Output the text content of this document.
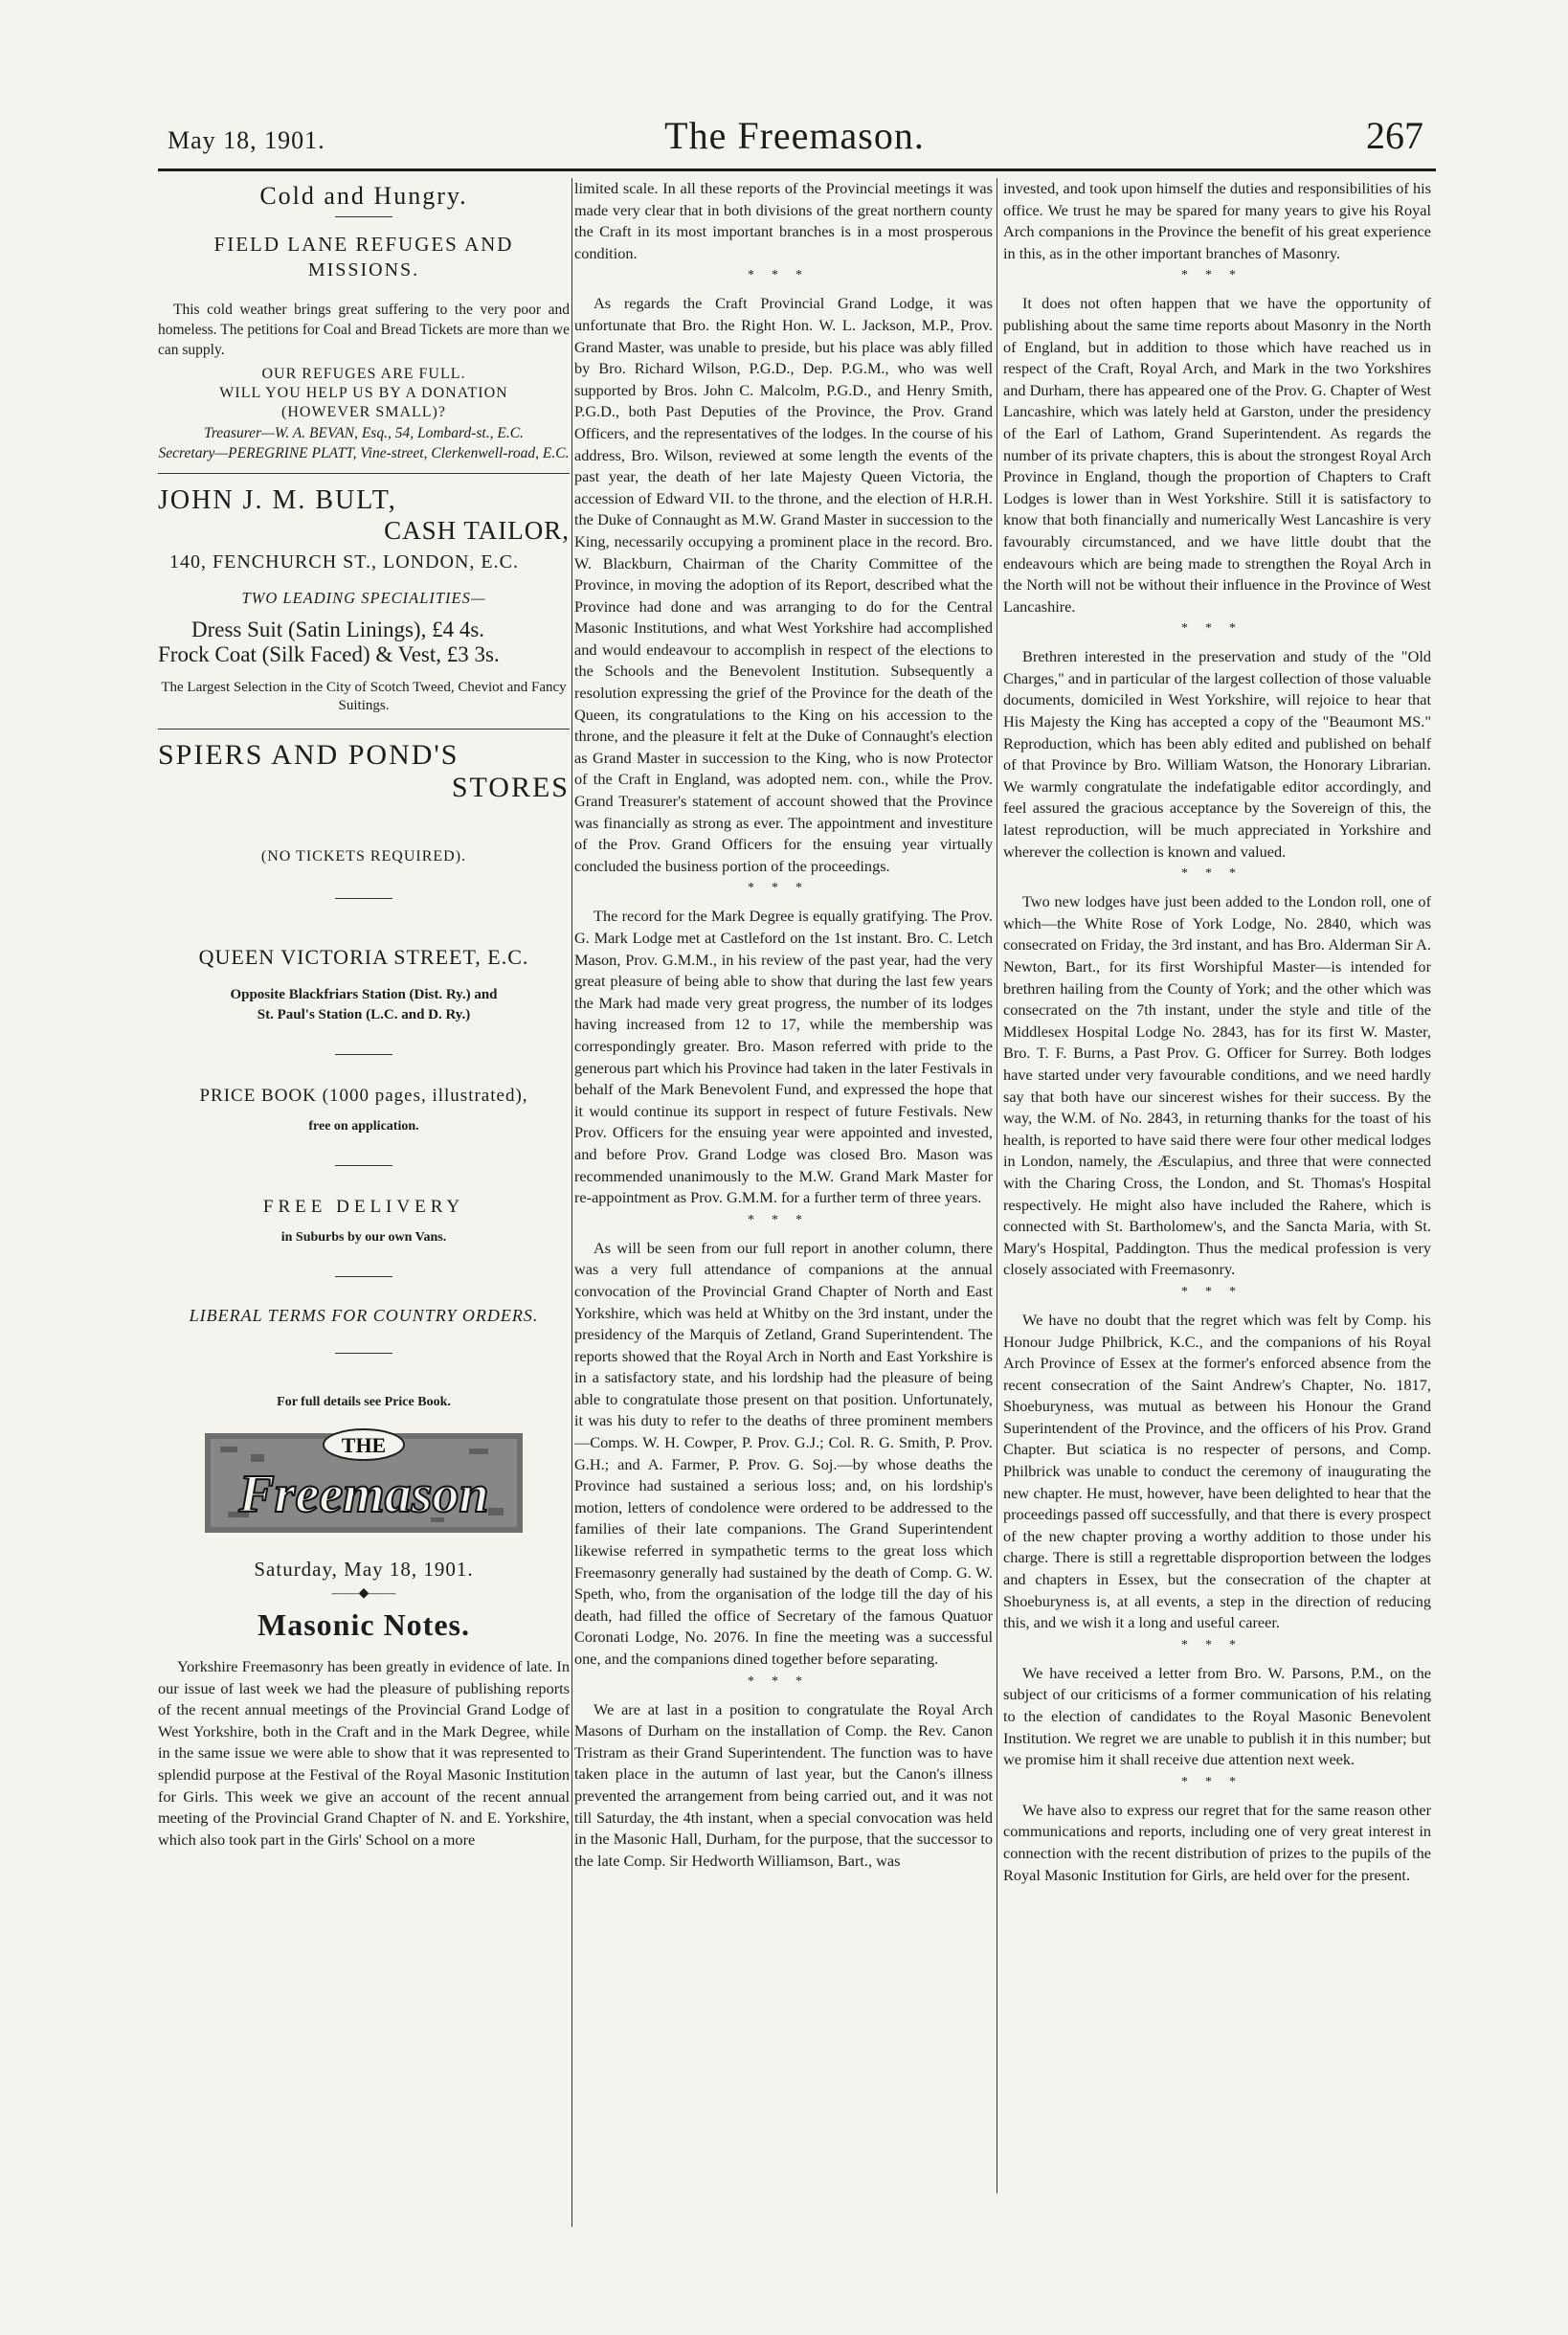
May 18, 1901.	The Freemason.	267
Cold and Hungry.
FIELD LANE REFUGES AND
MISSIONS.

This cold weather brings great suffering to the very poor and homeless. The petitions for Coal and Bread Tickets are more than we can supply.

OUR REFUGES ARE FULL.

WILL YOU HELP US BY A DONATION

(HOWEVER SMALL)?

Treasurer—W. A. BEVAN, Esq., 54, Lombard-st., E.C.

Secretary—PEREGRINE PLATT, Vine-street, Clerkenwell-road, E.C.

JOHN J. M. BULT,
CASH TAILOR,
140, FENCHURCH ST., LONDON, E.C.
TWO LEADING SPECIALITIES—
Dress Suit (Satin Linings), £4 4s.
Frock Coat (Silk Faced) & Vest, £3 3s.
The Largest Selection in the City of Scotch Tweed, Cheviot and Fancy Suitings.
SPIERS AND POND'S
STORES

(NO TICKETS REQUIRED).

QUEEN VICTORIA STREET, E.C.

Opposite Blackfriars Station (Dist. Ry.) and

St. Paul's Station (L.C. and D. Ry.)

PRICE BOOK (1000 pages, illustrated),

free on application.

FREE DELIVERY

in Suburbs by our own Vans.

LIBERAL TERMS FOR COUNTRY ORDERS.

For full details see Price Book.

THE
Freemason
Saturday, May 18, 1901.
——◆——
Masonic Notes.

Yorkshire Freemasonry has been greatly in evidence of late. In our issue of last week we had the pleasure of publishing reports of the recent annual meetings of the Provincial Grand Lodge of West Yorkshire, both in the Craft and in the Mark Degree, while in the same issue we were able to show that it was represented to splendid purpose at the Festival of the Royal Masonic Institution for Girls. This week we give an account of the recent annual meeting of the Provincial Grand Chapter of N. and E. Yorkshire, which also took part in the Girls' School on a more

limited scale. In all these reports of the Provincial meetings it was made very clear that in both divisions of the great northern county the Craft in its most important branches is in a most prosperous condition.

***

As regards the Craft Provincial Grand Lodge, it was unfortunate that Bro. the Right Hon. W. L. Jackson, M.P., Prov. Grand Master, was unable to preside, but his place was ably filled by Bro. Richard Wilson, P.G.D., Dep. P.G.M., who was well supported by Bros. John C. Malcolm, P.G.D., and Henry Smith, P.G.D., both Past Deputies of the Province, the Prov. Grand Officers, and the representatives of the lodges. In the course of his address, Bro. Wilson, reviewed at some length the events of the past year, the death of her late Majesty Queen Victoria, the accession of Edward VII. to the throne, and the election of H.R.H. the Duke of Connaught as M.W. Grand Master in succession to the King, necessarily occupying a prominent place in the record. Bro. W. Blackburn, Chairman of the Charity Committee of the Province, in moving the adoption of its Report, described what the Province had done and was arranging to do for the Central Masonic Institutions, and what West Yorkshire had accomplished and would endeavour to accomplish in respect of the elections to the Schools and the Benevolent Institution. Subsequently a resolution expressing the grief of the Province for the death of the Queen, its congratulations to the King on his accession to the throne, and the pleasure it felt at the Duke of Connaught's election as Grand Master in succession to the King, who is now Protector of the Craft in England, was adopted nem. con., while the Prov. Grand Treasurer's statement of account showed that the Province was financially as strong as ever. The appointment and investiture of the Prov. Grand Officers for the ensuing year virtually concluded the business portion of the proceedings.

***

The record for the Mark Degree is equally gratifying. The Prov. G. Mark Lodge met at Castleford on the 1st instant. Bro. C. Letch Mason, Prov. G.M.M., in his review of the past year, had the very great pleasure of being able to show that during the last few years the Mark had made very great progress, the number of its lodges having increased from 12 to 17, while the membership was correspondingly greater. Bro. Mason referred with pride to the generous part which his Province had taken in the later Festivals in behalf of the Mark Benevolent Fund, and expressed the hope that it would continue its support in respect of future Festivals. New Prov. Officers for the ensuing year were appointed and invested, and before Prov. Grand Lodge was closed Bro. Mason was recommended unanimously to the M.W. Grand Mark Master for re-appointment as Prov. G.M.M. for a further term of three years.

***

As will be seen from our full report in another column, there was a very full attendance of companions at the annual convocation of the Provincial Grand Chapter of North and East Yorkshire, which was held at Whitby on the 3rd instant, under the presidency of the Marquis of Zetland, Grand Superintendent. The reports showed that the Royal Arch in North and East Yorkshire is in a satisfactory state, and his lordship had the pleasure of being able to congratulate those present on that position. Unfortunately, it was his duty to refer to the deaths of three prominent members—Comps. W. H. Cowper, P. Prov. G.J.; Col. R. G. Smith, P. Prov. G.H.; and A. Farmer, P. Prov. G. Soj.—by whose deaths the Province had sustained a serious loss; and, on his lordship's motion, letters of condolence were ordered to be addressed to the families of their late companions. The Grand Superintendent likewise referred in sympathetic terms to the great loss which Freemasonry generally had sustained by the death of Comp. G. W. Speth, who, from the organisation of the lodge till the day of his death, had filled the office of Secretary of the famous Quatuor Coronati Lodge, No. 2076. In fine the meeting was a successful one, and the companions dined together before separating.

***

We are at last in a position to congratulate the Royal Arch Masons of Durham on the installation of Comp. the Rev. Canon Tristram as their Grand Superintendent. The function was to have taken place in the autumn of last year, but the Canon's illness prevented the arrangement from being carried out, and it was not till Saturday, the 4th instant, when a special convocation was held in the Masonic Hall, Durham, for the purpose, that the successor to the late Comp. Sir Hedworth Williamson, Bart., was

invested, and took upon himself the duties and responsibilities of his office. We trust he may be spared for many years to give his Royal Arch companions in the Province the benefit of his great experience in this, as in the other important branches of Masonry.

***

It does not often happen that we have the opportunity of publishing about the same time reports about Masonry in the North of England, but in addition to those which have reached us in respect of the Craft, Royal Arch, and Mark in the two Yorkshires and Durham, there has appeared one of the Prov. G. Chapter of West Lancashire, which was lately held at Garston, under the presidency of the Earl of Lathom, Grand Superintendent. As regards the number of its private chapters, this is about the strongest Royal Arch Province in England, though the proportion of Chapters to Craft Lodges is lower than in West Yorkshire. Still it is satisfactory to know that both financially and numerically West Lancashire is very favourably circumstanced, and we have little doubt that the endeavours which are being made to strengthen the Royal Arch in the North will not be without their influence in the Province of West Lancashire.

***

Brethren interested in the preservation and study of the "Old Charges," and in particular of the largest collection of those valuable documents, domiciled in West Yorkshire, will rejoice to hear that His Majesty the King has accepted a copy of the "Beaumont MS." Reproduction, which has been ably edited and published on behalf of that Province by Bro. William Watson, the Honorary Librarian. We warmly congratulate the indefatigable editor accordingly, and feel assured the gracious acceptance by the Sovereign of this, the latest reproduction, will be much appreciated in Yorkshire and wherever the collection is known and valued.

***

Two new lodges have just been added to the London roll, one of which—the White Rose of York Lodge, No. 2840, which was consecrated on Friday, the 3rd instant, and has Bro. Alderman Sir A. Newton, Bart., for its first Worshipful Master—is intended for brethren hailing from the County of York; and the other which was consecrated on the 7th instant, under the style and title of the Middlesex Hospital Lodge No. 2843, has for its first W. Master, Bro. T. F. Burns, a Past Prov. G. Officer for Surrey. Both lodges have started under very favourable conditions, and we need hardly say that both have our sincerest wishes for their success. By the way, the W.M. of No. 2843, in returning thanks for the toast of his health, is reported to have said there were four other medical lodges in London, namely, the Æsculapius, and three that were connected with the Charing Cross, the London, and St. Thomas's Hospital respectively. He might also have included the Rahere, which is connected with St. Bartholomew's, and the Sancta Maria, with St. Mary's Hospital, Paddington. Thus the medical profession is very closely associated with Freemasonry.

***

We have no doubt that the regret which was felt by Comp. his Honour Judge Philbrick, K.C., and the companions of his Royal Arch Province of Essex at the former's enforced absence from the recent consecration of the Saint Andrew's Chapter, No. 1817, Shoeburyness, was mutual as between his Honour the Grand Superintendent of the Province, and the officers of his Prov. Grand Chapter. But sciatica is no respecter of persons, and Comp. Philbrick was unable to conduct the ceremony of inaugurating the new chapter. He must, however, have been delighted to hear that the proceedings passed off successfully, and that there is every prospect of the new chapter proving a worthy addition to those under his charge. There is still a regrettable disproportion between the lodges and chapters in Essex, but the consecration of the chapter at Shoeburyness is, at all events, a step in the direction of reducing this, and we wish it a long and useful career.

***

We have received a letter from Bro. W. Parsons, P.M., on the subject of our criticisms of a former communication of his relating to the election of candidates to the Royal Masonic Benevolent Institution. We regret we are unable to publish it in this number; but we promise him it shall receive due attention next week.

***

We have also to express our regret that for the same reason other communications and reports, including one of very great interest in connection with the recent distribution of prizes to the pupils of the Royal Masonic Institution for Girls, are held over for the present.
